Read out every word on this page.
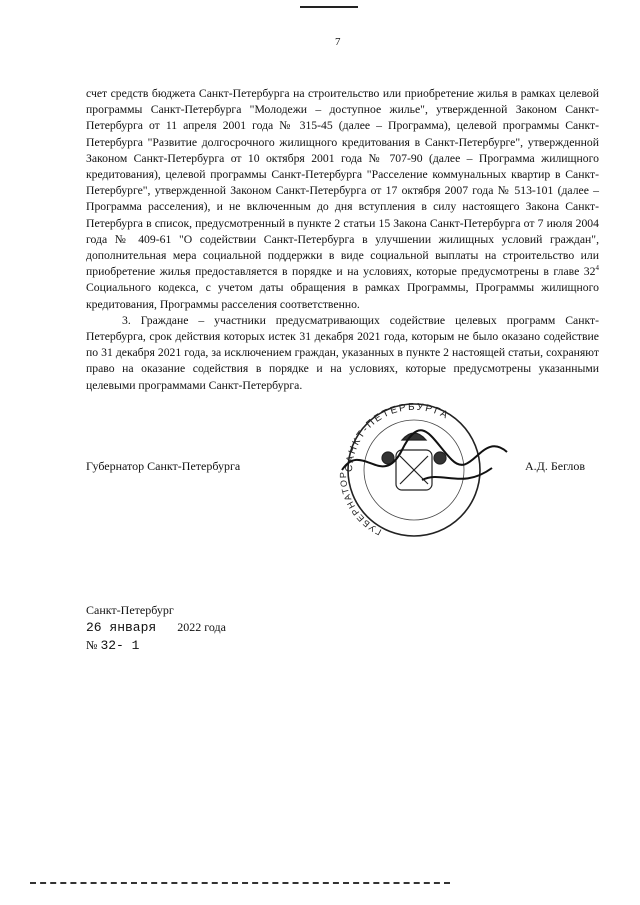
7

счет средств бюджета Санкт-Петербурга на строительство или приобретение жилья в рамках целевой программы Санкт-Петербурга "Молодежи – доступное жилье", утвержденной Законом Санкт-Петербурга от 11 апреля 2001 года № 315-45 (далее – Программа), целевой программы Санкт-Петербурга "Развитие долгосрочного жилищного кредитования в Санкт-Петербурге", утвержденной Законом Санкт-Петербурга от 10 октября 2001 года № 707-90 (далее – Программа жилищного кредитования), целевой программы Санкт-Петербурга "Расселение коммунальных квартир в Санкт-Петербурге", утвержденной Законом Санкт-Петербурга от 17 октября 2007 года № 513-101 (далее – Программа расселения), и не включенным до дня вступления в силу настоящего Закона Санкт-Петербурга в список, предусмотренный в пункте 2 статьи 15 Закона Санкт-Петербурга от 7 июля 2004 года № 409-61 "О содействии Санкт-Петербурга в улучшении жилищных условий граждан", дополнительная мера социальной поддержки в виде социальной выплаты на строительство или приобретение жилья предоставляется в порядке и на условиях, которые предусмотрены в главе $32^4$ Социального кодекса, с учетом даты обращения в рамках Программы, Программы жилищного кредитования, Программы расселения соответственно.

3. Граждане – участники предусматривающих содействие целевых программ Санкт-Петербурга, срок действия которых истек 31 декабря 2021 года, которым не было оказано содействие по 31 декабря 2021 года, за исключением граждан, указанных в пункте 2 настоящей статьи, сохраняют право на оказание содействия в порядке и на условиях, которые предусмотрены указанными целевыми программами Санкт-Петербурга.

Губернатор Санкт-Петербурга	САНКТ-ПЕТЕРБУРГА
ГУБЕРНАТОР
А.Д. Беглов
Санкт-Петербург
26 января 2022 года
№ 32- 1
